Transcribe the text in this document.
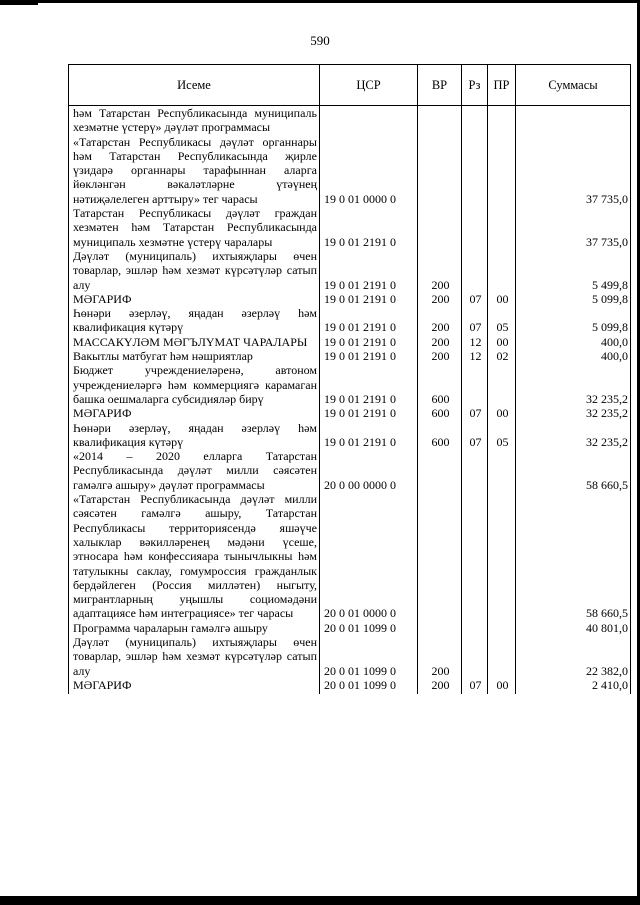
590
Исеме	ЦСР	ВР	Рз	ПР	Суммасы
һәм Татарстан Республикасында муниципаль хезмәтне үстерү» дәүләт программасы					
«Татарстан Республикасы дәүләт органнары һәм Татарстан Республикасында җирле үзидарә органнары тарафыннан аларга йөкләнгән вәкаләтләрне үтәүнең нәтиҗәлелеген арттыру» тег чарасы	19 0 01 0000 0				37 735,0
Татарстан Республикасы дәүләт граждан хезмәтен һәм Татарстан Республикасында муниципаль хезмәтне үстерү чаралары	19 0 01 2191 0				37 735,0
Дәүләт (муниципаль) ихтыяҗлары өчен товарлар, эшләр һәм хезмәт күрсәтүләр сатып алу	19 0 01 2191 0	200			5 499,8
МӘГАРИФ	19 0 01 2191 0	200	07	00	5 099,8
Һөнәри әзерләү, яңадан әзерләү һәм квалификация күтәрү	19 0 01 2191 0	200	07	05	5 099,8
МАССАКҮЛӘМ МӘГЪЛҮМАТ ЧАРАЛАРЫ	19 0 01 2191 0	200	12	00	400,0
Вакытлы матбугат һәм нәшриятлар	19 0 01 2191 0	200	12	02	400,0
Бюджет учреждениеләренә, автоном учреждениеләргә һәм коммерциягә карамаган башка оешмаларга субсидияләр бирү	19 0 01 2191 0	600			32 235,2
МӘГАРИФ	19 0 01 2191 0	600	07	00	32 235,2
Һөнәри әзерләү, яңадан әзерләү һәм квалификация күтәрү	19 0 01 2191 0	600	07	05	32 235,2
«2014 – 2020 елларга Татарстан Республикасында дәүләт милли сәясәтен гамәлгә ашыру» дәүләт программасы	20 0 00 0000 0				58 660,5
«Татарстан Республикасында дәүләт милли сәясәтен гамәлгә ашыру, Татарстан Республикасы территориясендә яшәүче халыклар вәкилләренең мәдәни үсеше, этносара һәм конфессияара тынычлыкны һәм татулыкны саклау, гомумроссия гражданлык бердәйлеген (Россия милләтен) ныгыту, мигрантларның уңышлы социомәдәни адаптациясе һәм интеграциясе» тег чарасы	20 0 01 0000 0				58 660,5
Программа чараларын гамәлгә ашыру	20 0 01 1099 0				40 801,0
Дәүләт (муниципаль) ихтыяҗлары өчен товарлар, эшләр һәм хезмәт күрсәтүләр сатып алу	20 0 01 1099 0	200			22 382,0
МӘГАРИФ	20 0 01 1099 0	200	07	00	2 410,0
